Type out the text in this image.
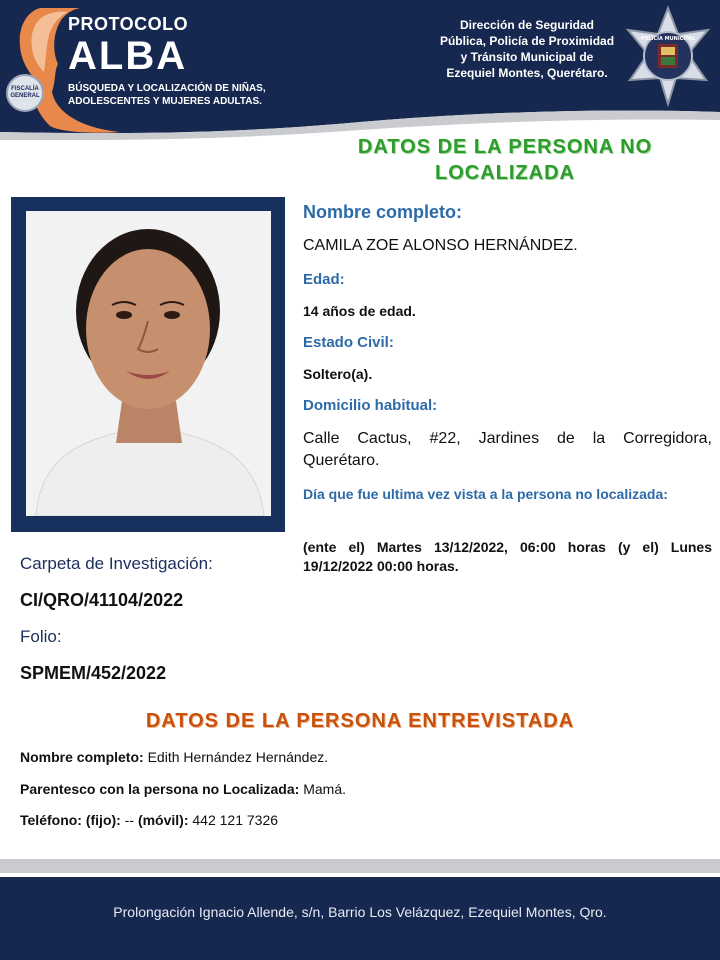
PROTOCOLO
ALBA
BÚSQUEDA Y LOCALIZACIÓN DE NIÑAS, ADOLESCENTES Y MUJERES ADULTAS.
FISCALÍA GENERAL
Dirección de Seguridad
Pública, Policía de Proximidad
y Tránsito Municipal de
Ezequiel Montes, Querétaro.
POLICÍA MUNICIPAL
DATOS DE LA PERSONA NO
LOCALIZADA
Nombre completo:
CAMILA ZOE ALONSO HERNÁNDEZ.
Edad:
14 años de edad.
Estado Civil:
Soltero(a).
Domicilio habitual:
Calle Cactus, #22, Jardines de la Corregidora, Querétaro.
Día que fue ultima vez vista a la persona no localizada:
(ente el) Martes 13/12/2022, 06:00 horas (y el) Lunes 19/12/2022 00:00 horas.
Carpeta de Investigación:
CI/QRO/41104/2022
Folio:
SPMEM/452/2022
DATOS DE LA PERSONA ENTREVISTADA
Nombre completo: Edith Hernández Hernández.
Parentesco con la persona no Localizada: Mamá.
Teléfono: (fijo): -- (móvil): 442 121 7326
Prolongación Ignacio Allende, s/n, Barrio Los Velázquez, Ezequiel Montes, Qro.
